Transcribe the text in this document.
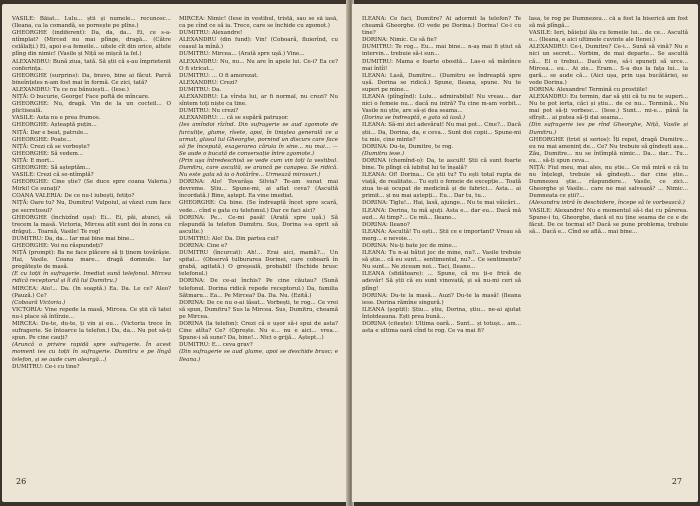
VASILE: Băiat... Lulu... știi și numele... recunosc... (Ileana, ca la comandă, se pornește pe plîns.)

GHEORGHE (indiferent): Da, da, da... Ei, ce s-a-ntîmplat? (Mirced nu mai plînge, dragă... (Către celălalți.) Ei, apoi e-a femeile... uitele cît din orice, altele plîng din nimic! (Vasile și Niță se mișcă la fel.)

ALEXANDRU: Bună ziua, tată. Să știi că s-au împrietenit conferința.

GHEORGHE (surprins): Da, bravo, bine ai făcut. Parcă bineînțeles n-am fost mai în formă. Ce zici, tată?

ALEXANDRU: Tu ce nu bănuiești... (Iese.)

NIȚĂ: O bucurie, George! Face poftă de mîncare.

GHEORGHE: Nu, dragă. Vin de la un cocteil... O plictiseală.

VASILE: Asta nu e prea frumos.

GHEORGHE: Așteaptă puțin...

NIȚĂ: Dar e beat, patrule...

GHEORGHE: Poate...

NIȚĂ: Crezi că se vorbește?

GHEORGHE: Să vedem...

NIȚĂ: E mort...

GHEORGHE: Să așteptăm...

VASILE: Crezi că se-ntîmplă?

GHEORGHE: Cine știe? (Se duce spre coana Valeria.) Mirki! Ce sunați?

COANA VALERIA: De ce nu-l iubești, fetițo?

NIȚĂ: Oare tu? Nu, Dumitru! Vulpoiul, ai văzut cum face pe secretosul?

GHEORGHE (închizînd ușa): Ei... Ei, păi, atunci, să trecem la masă. Victoria, Mircea atît sunt doi în zona cu drăguț... Toarnă, Vasile! Te rog!

DUMITRU: Da, da... Iar mai bine mai bine...

GHEORGHE: Voi nu răspundeți?

NIȚĂ (prompt): Ba ne face plăcere să ți ținem tovărășie. Hai, Vasile. Coana mare... dragă domnule. Iar pregătește de masă.

(E cu toții în sufragerie. Imediat sună telefonul. Mircea ridică receptorul și îl dă lui Dumitru.)

MIRCEA: Alo!... Da. (In soaptă.) Ea. Da. Le ce? Aleo? (Pauză.) Ce?

(Coboară Victoria.)

VICTORIA: Vine repede la masă, Mircea. Ce știi că tatei nu-i place să întîrzie...

MIRCEA: Du-te, du-te, ți vin și eu... (Victoria trece în sufragerie. Se întoarce la telefon.) Da, da... Nu pot să-ți spun. Pe cine cauți?

(Aruncă o privire rapidă spre sufragerie. În acest moment ies cu toții în sufragerie. Dumitru e pe lîngă telefon, și se aude cum aleargă...)

DUMITRU: Ce-i cu tine?

MIRCEA: Nimic! (Iese în vestibul, tristă, sau se să iasă, ca pe cînd ce să ia. Trece, care se închide cu zgomot.)

DUMITRU: Alexandre!

ALEXANDRU (din fund): Vin! (Coboară, fluierînd, cu ceasul la mînă.)

DUMITRU: Mircea... (Arată spre ușă.) Vine...

ALEXANDRU: Nu, nu... Nu are în apele lui. Ce-i? Ea ce? O fi stricat...

DUMITRU: ... O fi amorezat.

ALEXANDRU: Crezi?

DUMITRU: Da.

ALEXANDRU: La vîrsta lui, ar fi normal, nu crezi? Nu sîntem toți niște ca tine.

DUMITRU: Nu crezi?

ALEXANDRU: ... că se supără patrușor.

(Ies amîndoi rîzînd. Din sufragerie se aud zgomote de furculițe, glume, rîsete, apoi, în liniștea generală ce a urmat, glasul lui Gheorghe, pornind un discurs care face să fie începută, exagerarea căruia în sine... nu mai... — Se aude o bucată de conversație între zgomote.)

(Prin ușa întredeschisă se vede cum vin toți la vestibul. Dumitru, care ascultă, se aruncă pe canapea. Se ridică. Nu este gata să ia o hotărîre... Urmează mirosuri.)

DORINA: Alo! Tovarășa Silvia? Te-am sunat mai devreme. Știu... Spune-mi, ai aflat ceva? (Ascultă încordată.) Bine, aștept. Ea vine imediat.

GHEORGHE: Cu bine. (Se îndreaptă încet spre scară, vede... cînd e gata cu telefonul.) Dar ce faci aici?

DORINA: Pe... Ce-mi pasă! (Arată spre ușă.) Să răspundă la telefon Dumitru. Sus, Dorina s-a oprit să asculte.)

DUMITRU: Alo! Da. Din partea cui?

DORINA: Cine e?

DUMITRU (încurcat): Ah!... Erai aici, mamă?... Un spital... (Observă tulburarea Dorinei, care coboară în grabă, agitată.) O greșeală, probabil! (Închide brusc telefonul.)

DORINA: De ce-ai închis? Pe cine căutau? (Sună telefonul. Dorina ridică repede receptorul.) Da, familia Sătmaru... Ea... Pe Mircea? Da. Da. Nu. (Ezită.)

DORINA: De ce nu o-ai lăsat... Vorbești, te rog... Ce vrei să spun, Dumitru? Sus la Mircea. Sus, Dumitru, cheamă pe Mircea.

DORINA (la telefon): Crezi că e ușor să-i spui de asta? Cine atîta? Ce? (Oprește. Nu e... nu e aici... vrea... Spune-i să sune? Da, bine!... Nici o grijă... Aștept...)

DUMITRU: E... ceva grav?

(Din sufragerie se aud glume, apoi se deschide brusc; e Ileana.)

26

ILEANA: Ce faci, Dumitre? Ai adormit la telefon? Te cheamă Gheorghe. (O vede pe Dorina.) Dorina! Ce-i cu tine?

DORINA: Nimic. Ce să fie?

DUMITRU: Te rog... Eu... mai bine... n-aș mai fi știut să intervin... trebuie să-i sun...

DUMITRU: Mama e foarte obosită... Las-o să mănînce mai întîi!

ILEANA: Lasă, Dumitre... (Dumitru se îndreaptă spre ușă. Dorina se ridică.) Spune, Ileana, spune. Nu te superi pe mine...

ILEANA (plîngînd): Lulu... admirabilul! Nu vreau... dar nici o femeie nu... dacă nu intră? Tu cine m-am vorbit... Vasile nu știe, are să-și dea seama...

(Dorina se îndreaptă, e gata să iasă.)

ILEANA: Să-mi zici adevărat! Nu mai pot... Cine?... Dacă știi... Da, Dorina, da, e ceva... Sunt doi copii... Spune-mi tu mie, cine minte?

DORINA: Du-te, Dumitre, te rog.

(Dumitru iese.)

DORINA (chemînd-o): Da, te ascult! Știi că sunt foarte bine. Te plîngi că iubitul lui te înșală?

ILEANA: Of! Dorina... Ce știi tu? Tu ești total rupta de viață, de realitate... Tu ești o femeie de excepție... Toată ziua te-ai ocupat de medicină și de fabrici... Asta... ai primit... și nu mai aștepți... Eu... Dar tu, tu...

DORINA: Tiglu!... Hai, lasă, ajunge... Nu te mai văicări...

ILEANA: Dorina, tu mă ajuți. Asta e... dar eu... Dacă mă aud... Ai timp?... Ce mă... Ileano...

DORINA: Ileano?

ILEANA: Ascultă! Tu ești... Știi ce e important? Vreau să merg... e nevoie...

DORINA: Nu-ți bate joc de mine...

ILEANA: Tu n-ai bătut joc de mine, nu?... Vasile trebuie să știe... că eu sunt... sentimentul, nu?... Ce sentimente? Nu sunt... Ne ziceam noi... Taci, Ileano...

ILEANA (sfidătoare): ... Spune, că nu ți-e frică de adevăr! Să știi că eu sunt vinovată, și să nu-mi ceri să plîng!

DORINA: Du-te la masă... Auzi? Du-te la masă! (Ileana iese. Dorina rămîne singură.)

ILEANA (șoptit): Știu... știu, Dorina, știu... ne-ai ajutat întotdeauna. Ești prea bună...

DORINA (citește): Ultima oară... Sunt... și totuși... am... asta e ultima oară cînd te rog. Ce va mai fi?

lasa, te rog pe Dumnezeu... că a fost la biserică am fost să mă plîngă...

VASILE: Ieri, băiețul ăla cu femeile lui... de ce... Ascultă o... (Ileana, e aici ultimele cuvinte ale Ilenei.)

ALEXANDRU: Ce-i, Dumitre? Ce-i... Sună să vină? Nu e nici un secret... Vorbim, de mai departe... Se ascultă că... El o trebui... Dacă vine, să-i spuneți să urce... Mircea... eu... Ai zis... Eram... S-a dus la fața lui... la gară... se aude că... (Aici ușa, prin ușa bucătăriei, se vede Dorina.)

DORINA: Alexandre! Termină cu prostiile!

ALEXANDRU: Eu termin, dar să știi că tu nu te superi... Nu te pot ierta, căci și știu... de ce nu... Termină... Nu mai pot să-ți vorbesc... (Iese.) Sunt... mi-e... până la sfîrșit... ai putea să-ți dai seama...

(Din sufragerie ies pe rînd Gheorghe, Niță, Vasile și Dumitru.)

GHEORGHE (trist și serios): Îți repet, dragă Dumitre... eu nu mai ameninț de... Ce? Nu trebuie să gîndești așa... Zău, Dumitre... nu se întîmplă nimic... Da... dar... Tu... eu... să-ți spun ceva...

NIȚĂ: Fiul meu, mai ales, nu știe... Ce mă miră e că tu nu înțelegi, trebuie să gîndești... dar cine știe... Dumnezeu știe... răspundere... Vasile, ce zici... Gheorghe și Vasile... care ne mai salvează? ... Nimic... Dumneata ce știi?...

(Alexandru intră în deschidere, începe să le vorbească.)

VASILE: Alexandre! Nu e momentul să-i dai cu părerea. Spune-i tu, Gheorghe, dacă el nu ține seama de ce e de făcut. De ce tocmai el? Dacă se pune problema, trebuie să... Dacă e... Cînd se află... mai bine...

27
